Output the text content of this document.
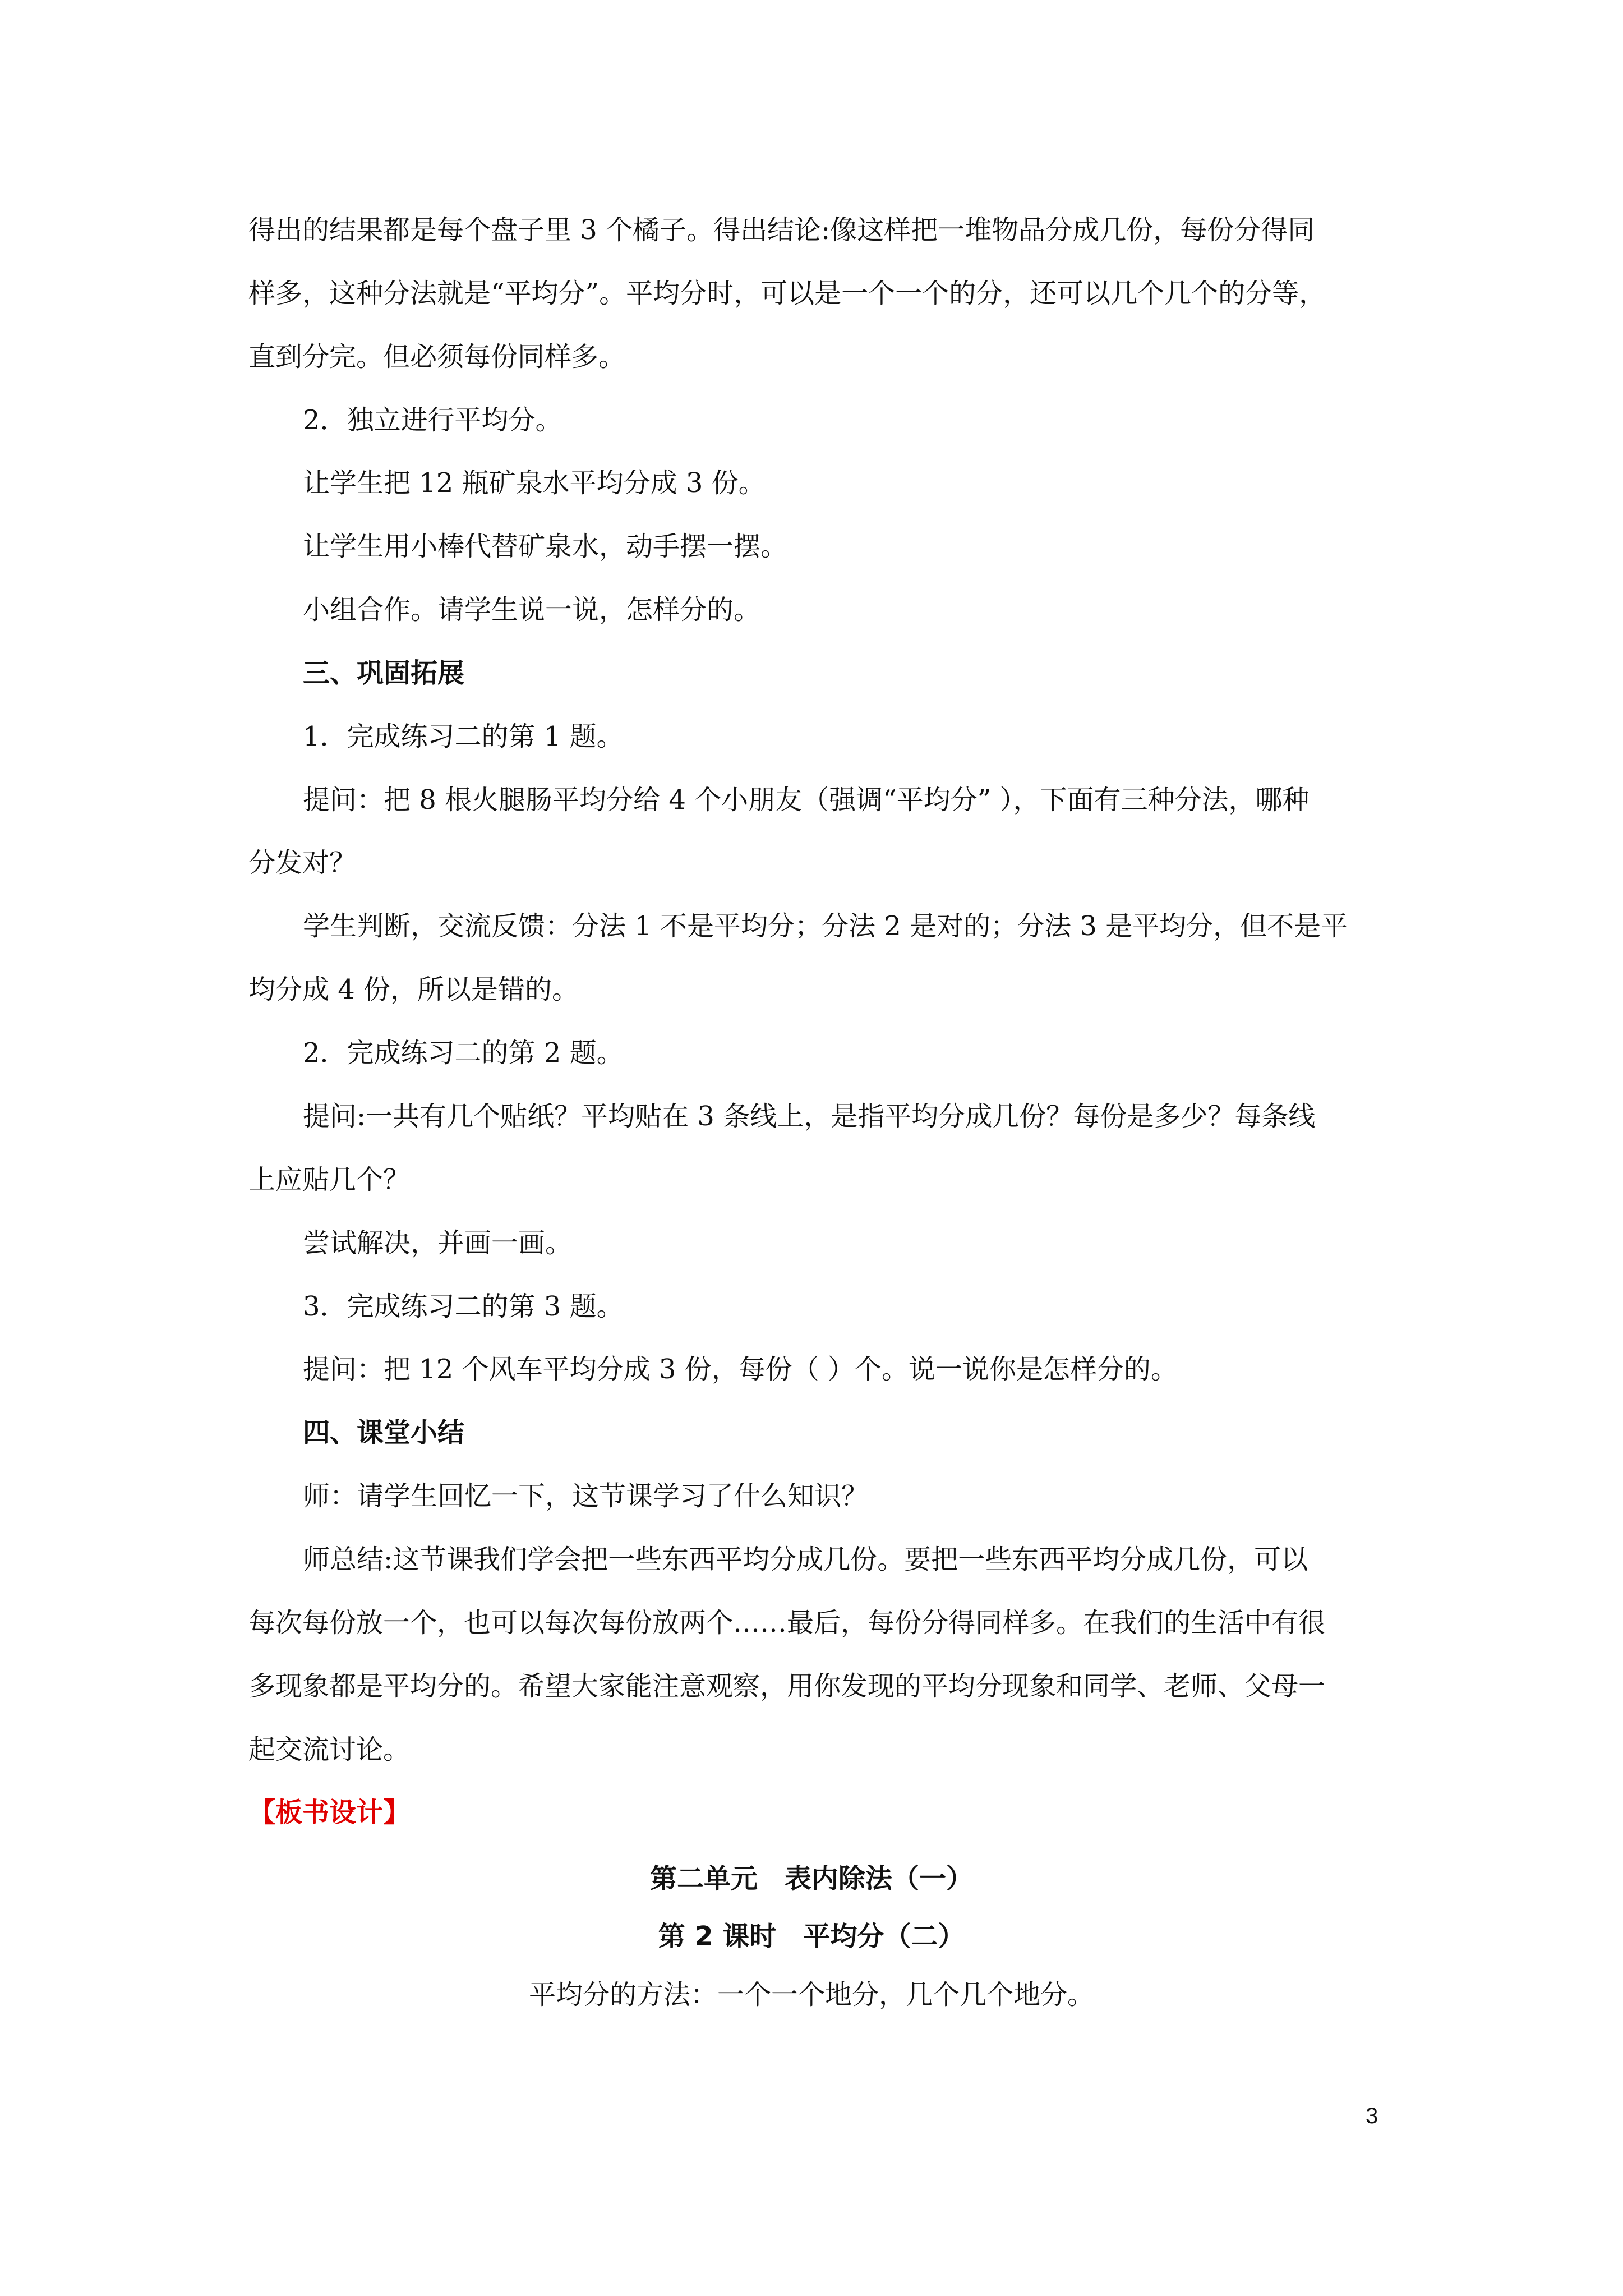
得出的结果都是每个盘子里 3 个橘子。得出结论:像这样把一堆物品分成几份，每份分得同
样多，这种分法就是“平均分”。平均分时，可以是一个一个的分，还可以几个几个的分等，
直到分完。但必须每份同样多。
2．独立进行平均分。
让学生把 12 瓶矿泉水平均分成 3 份。
让学生用小棒代替矿泉水，动手摆一摆。
小组合作。请学生说一说，怎样分的。
三、巩固拓展
1．完成练习二的第 1 题。
提问：把 8 根火腿肠平均分给 4 个小朋友（强调“平均分” ），下面有三种分法，哪种
分发对？
学生判断，交流反馈：分法 1 不是平均分；分法 2 是对的；分法 3 是平均分，但不是平
均分成 4 份，所以是错的。
2．完成练习二的第 2 题。
提问:一共有几个贴纸？平均贴在 3 条线上，是指平均分成几份？每份是多少？每条线
上应贴几个？
尝试解决，并画一画。
3．完成练习二的第 3 题。
提问：把 12 个风车平均分成 3 份，每份（ ）个。说一说你是怎样分的。
四、课堂小结
师：请学生回忆一下，这节课学习了什么知识？
师总结:这节课我们学会把一些东西平均分成几份。要把一些东西平均分成几份，可以
每次每份放一个，也可以每次每份放两个……最后，每份分得同样多。在我们的生活中有很
多现象都是平均分的。希望大家能注意观察，用你发现的平均分现象和同学、老师、父母一
起交流讨论。
【板书设计】
第二单元　表内除法（一）
第 2 课时　平均分（二）
平均分的方法：一个一个地分，几个几个地分。
3
